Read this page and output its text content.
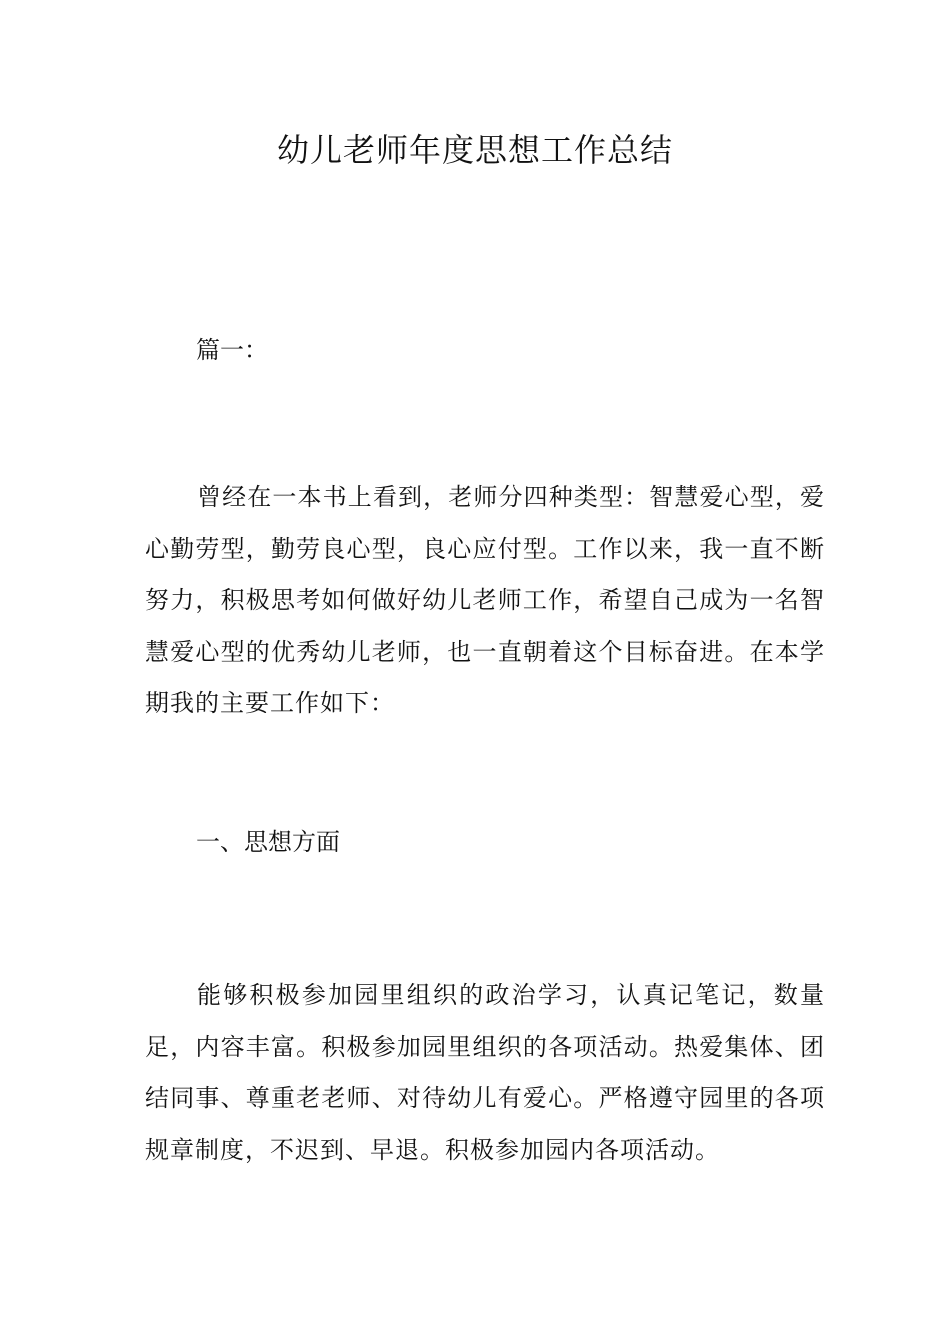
幼儿老师年度思想工作总结

篇一：

曾经在一本书上看到，老师分四种类型：智慧爱心型，爱心勤劳型，勤劳良心型，良心应付型。工作以来，我一直不断努力，积极思考如何做好幼儿老师工作，希望自己成为一名智慧爱心型的优秀幼儿老师，也一直朝着这个目标奋进。在本学期我的主要工作如下：

一、思想方面

能够积极参加园里组织的政治学习，认真记笔记，数量足，内容丰富。积极参加园里组织的各项活动。热爱集体、团结同事、尊重老老师、对待幼儿有爱心。严格遵守园里的各项规章制度，不迟到、早退。积极参加园内各项活动。
